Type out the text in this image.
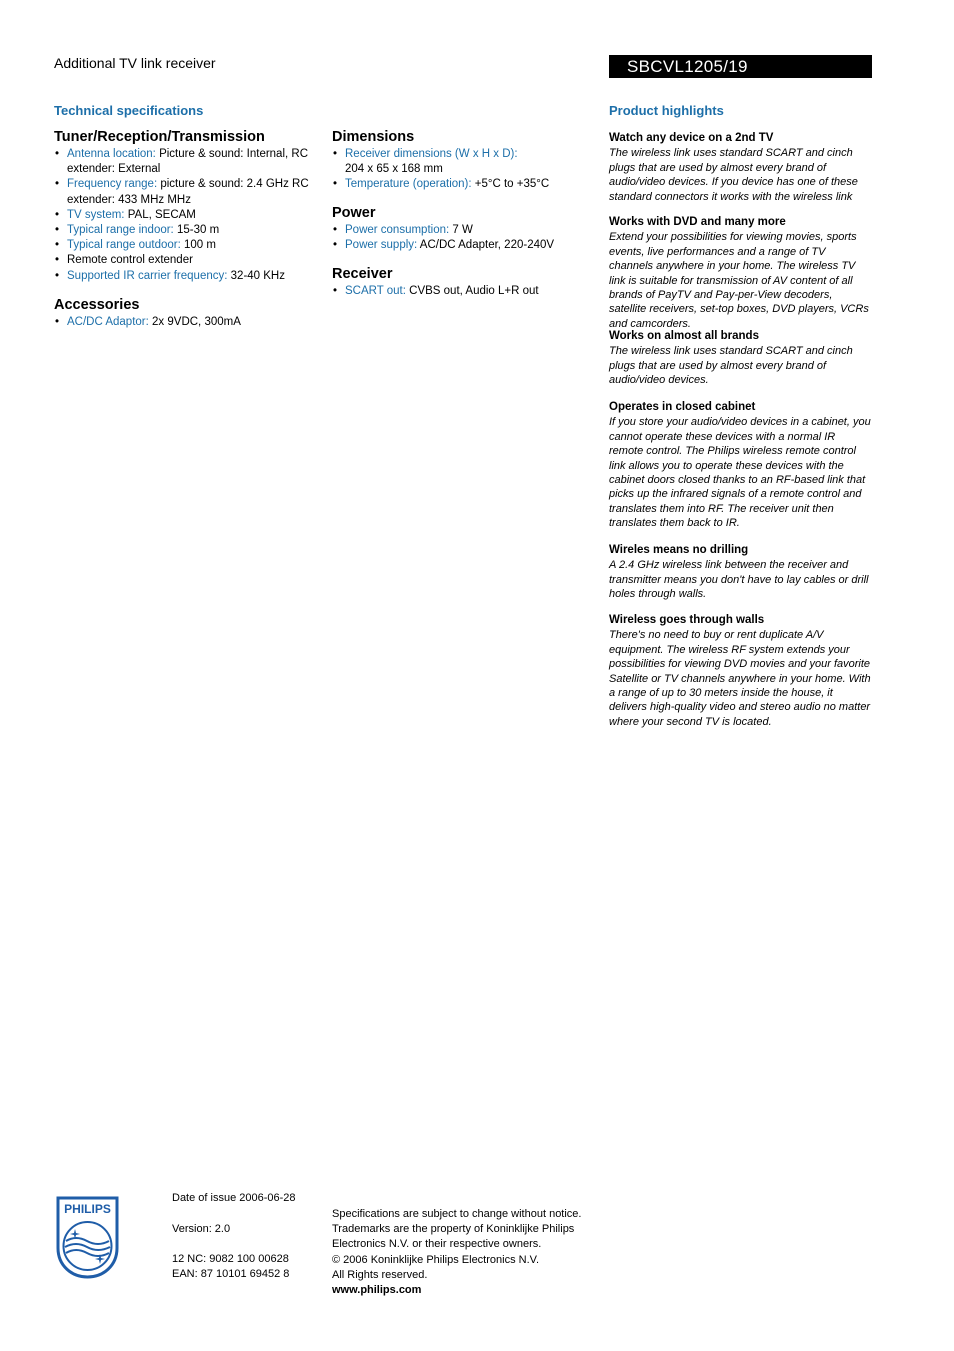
Additional TV link receiver	SBCVL1205/19
Technical specifications
Tuner/Reception/Transmission
• Antenna location: Picture & sound: Internal, RC extender: External
• Frequency range: picture & sound: 2.4 GHz RC extender: 433 MHz MHz
• TV system: PAL, SECAM
• Typical range indoor: 15-30 m
• Typical range outdoor: 100 m
• Remote control extender
• Supported IR carrier frequency: 32-40 KHz
Accessories
• AC/DC Adaptor: 2x 9VDC, 300mA
Dimensions
• Receiver dimensions (W x H x D):
204 x 65 x 168 mm
• Temperature (operation): +5°C to +35°C
Power
• Power consumption: 7 W
• Power supply: AC/DC Adapter, 220-240V
Receiver
• SCART out: CVBS out, Audio L+R out
Product highlights
Watch any device on a 2nd TV
The wireless link uses standard SCART and cinch plugs that are used by almost every brand of audio/video devices. If you device has one of these standard connectors it works with the wireless link
Works with DVD and many more
Extend your possibilities for viewing movies, sports events, live performances and a range of TV channels anywhere in your home. The wireless TV link is suitable for transmission of AV content of all brands of PayTV and Pay-per-View decoders, satellite receivers, set-top boxes, DVD players, VCRs and camcorders.
Works on almost all brands
The wireless link uses standard SCART and cinch plugs that are used by almost every brand of audio/video devices.
Operates in closed cabinet
If you store your audio/video devices in a cabinet, you cannot operate these devices with a normal IR remote control. The Philips wireless remote control link allows you to operate these devices with the cabinet doors closed thanks to an RF-based link that picks up the infrared signals of a remote control and translates them into RF. The receiver unit then translates them back to IR.
Wireles means no drilling
A 2.4 GHz wireless link between the receiver and transmitter means you don't have to lay cables or drill holes through walls.
Wireless goes through walls
There's no need to buy or rent duplicate A/V equipment. The wireless RF system extends your possibilities for viewing DVD movies and your favorite Satellite or TV channels anywhere in your home. With a range of up to 30 meters inside the house, it delivers high-quality video and stereo audio no matter where your second TV is located.
PHILIPS
Date of issue 2006-06-28
Version: 2.0
12 NC: 9082 100 00628
EAN: 87 10101 69452 8
Specifications are subject to change without notice.
Trademarks are the property of Koninklijke Philips
Electronics N.V. or their respective owners.
© 2006 Koninklijke Philips Electronics N.V.
All Rights reserved.
www.philips.com
